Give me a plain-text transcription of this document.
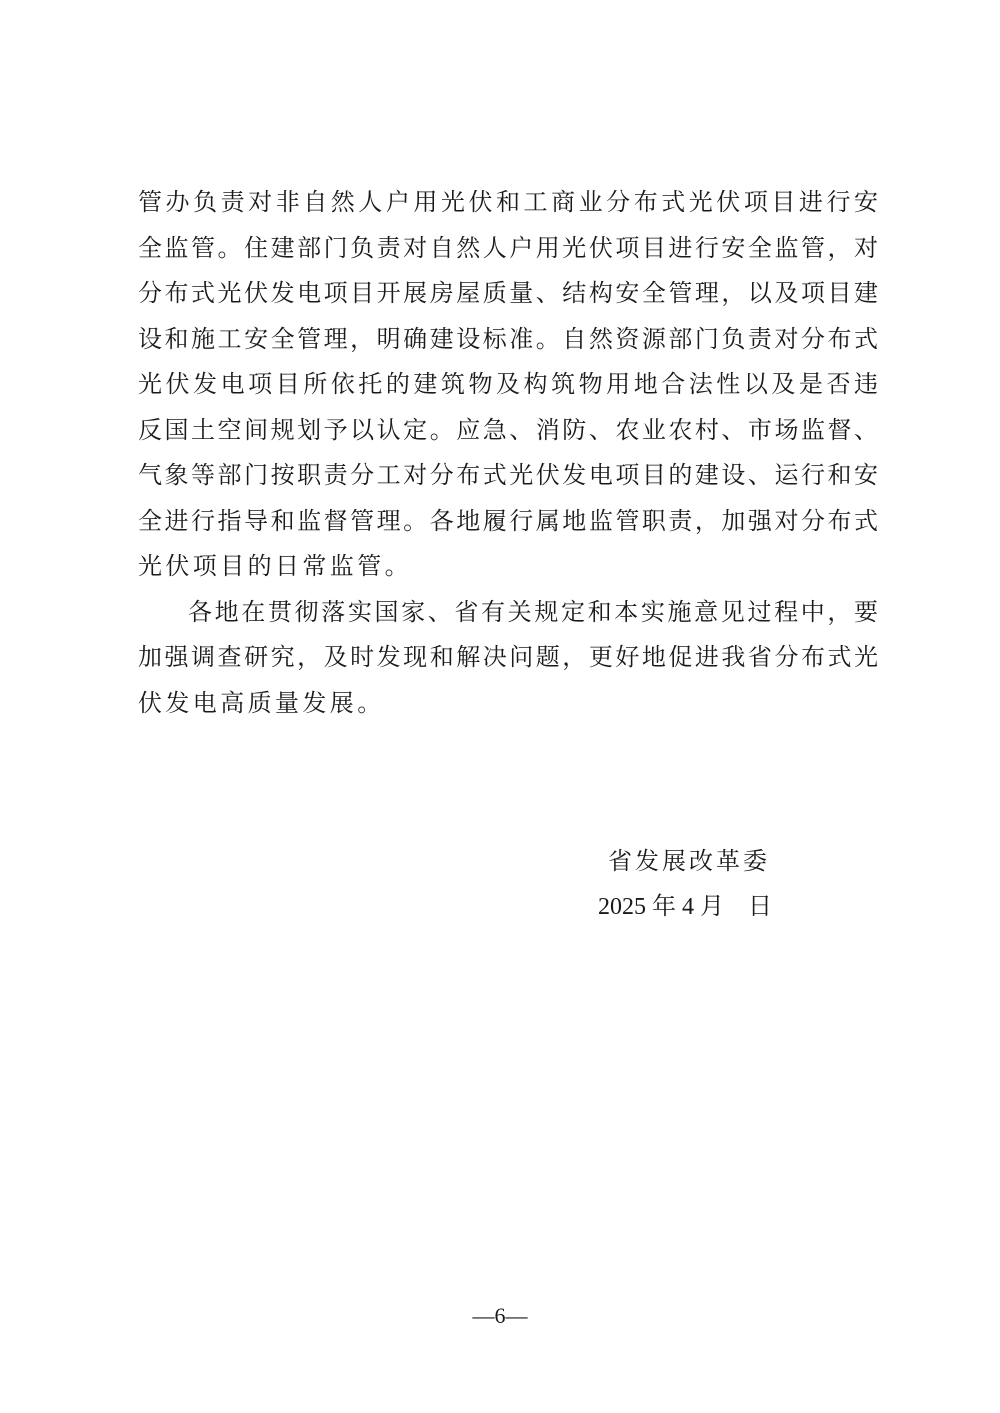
管办负责对非自然人户用光伏和工商业分布式光伏项目进行安
全监管。住建部门负责对自然人户用光伏项目进行安全监管，对
分布式光伏发电项目开展房屋质量、结构安全管理，以及项目建
设和施工安全管理，明确建设标准。自然资源部门负责对分布式
光伏发电项目所依托的建筑物及构筑物用地合法性以及是否违
反国土空间规划予以认定。应急、消防、农业农村、市场监督、
气象等部门按职责分工对分布式光伏发电项目的建设、运行和安
全进行指导和监督管理。各地履行属地监管职责，加强对分布式
光伏项目的日常监管。
各地在贯彻落实国家、省有关规定和本实施意见过程中，要
加强调查研究，及时发现和解决问题，更好地促进我省分布式光
伏发电高质量发展。
省发展改革委
2025 年 4 月　日
—6—
